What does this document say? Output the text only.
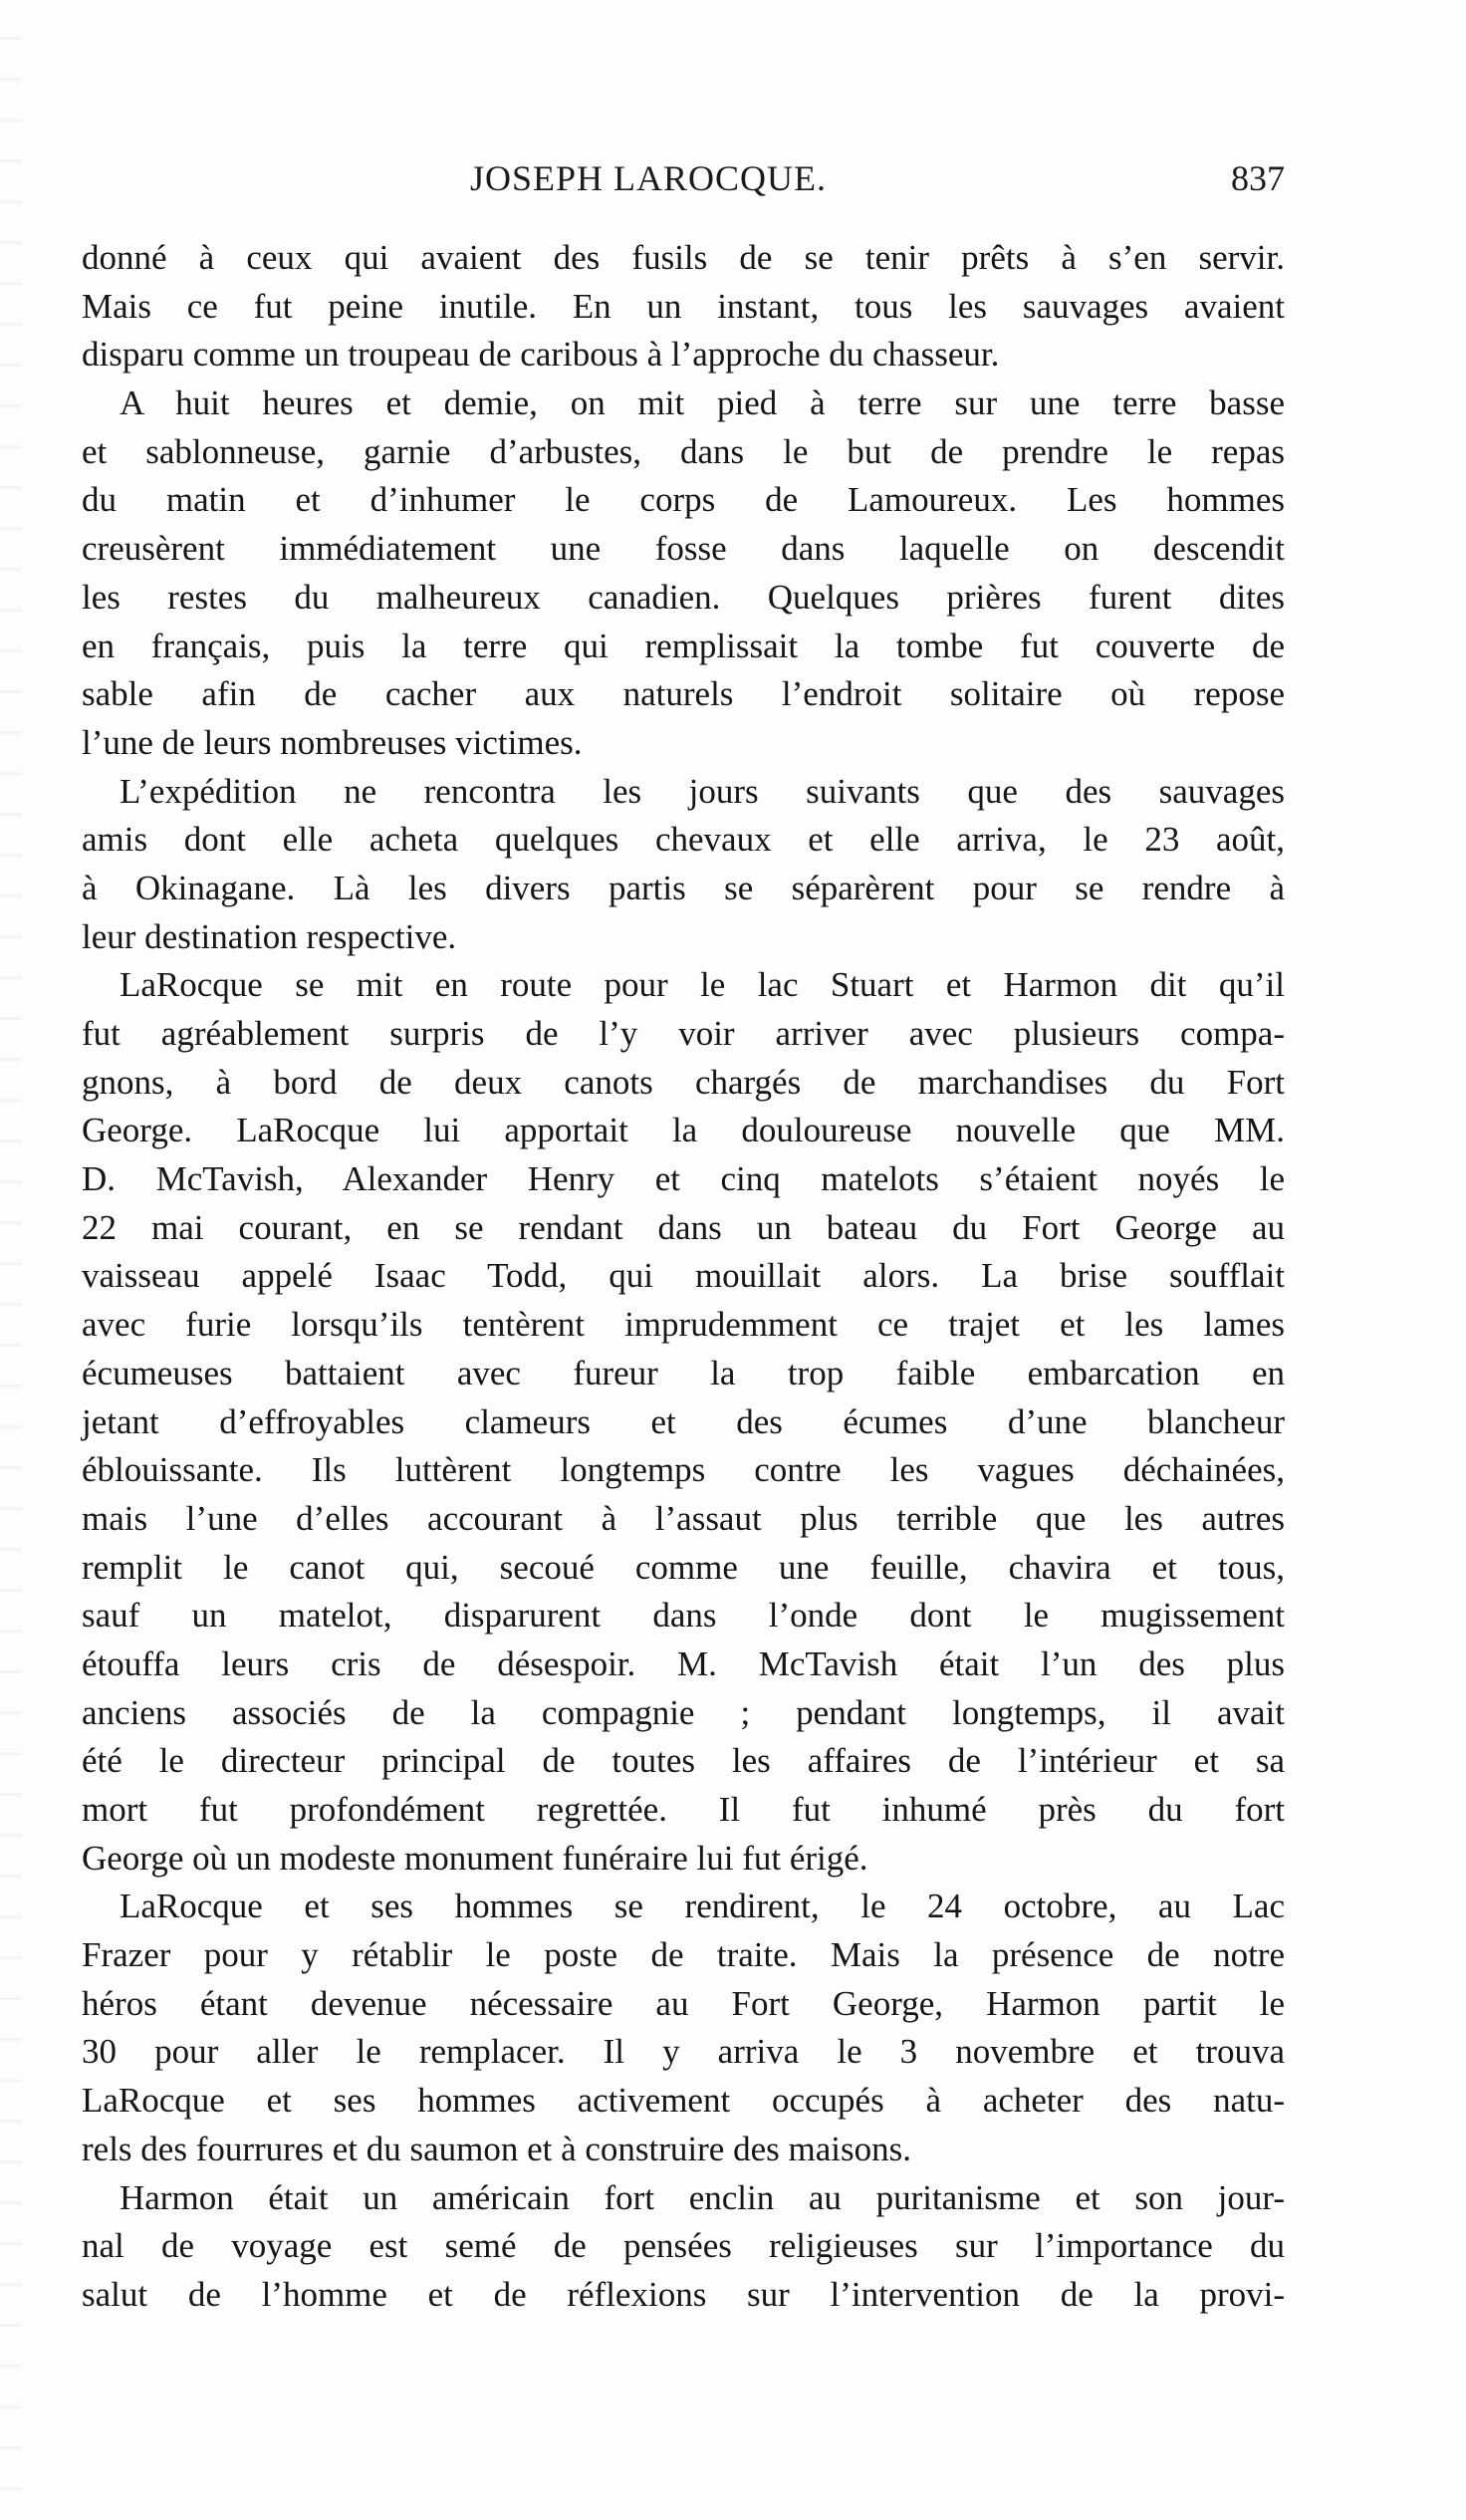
JOSEPH LAROCQUE.	837

donné à ceux qui avaient des fusils de se tenir prêts à s’en servir.
Mais ce fut peine inutile. En un instant, tous les sauvages avaient
disparu comme un troupeau de caribous à l’approche du chasseur.

A huit heures et demie, on mit pied à terre sur une terre basse
et sablonneuse, garnie d’arbustes, dans le but de prendre le repas
du matin et d’inhumer le corps de Lamoureux. Les hommes
creusèrent immédiatement une fosse dans laquelle on descendit
les restes du malheureux canadien. Quelques prières furent dites
en français, puis la terre qui remplissait la tombe fut couverte de
sable afin de cacher aux naturels l’endroit solitaire où repose
l’une de leurs nombreuses victimes.

L’expédition ne rencontra les jours suivants que des sauvages
amis dont elle acheta quelques chevaux et elle arriva, le 23 août,
à Okinagane. Là les divers partis se séparèrent pour se rendre à
leur destination respective.

LaRocque se mit en route pour le lac Stuart et Harmon dit qu’il
fut agréablement surpris de l’y voir arriver avec plusieurs compa-
gnons, à bord de deux canots chargés de marchandises du Fort
George. LaRocque lui apportait la douloureuse nouvelle que MM.
D. McTavish, Alexander Henry et cinq matelots s’étaient noyés le
22 mai courant, en se rendant dans un bateau du Fort George au
vaisseau appelé Isaac Todd, qui mouillait alors. La brise soufflait
avec furie lorsqu’ils tentèrent imprudemment ce trajet et les lames
écumeuses battaient avec fureur la trop faible embarcation en
jetant d’effroyables clameurs et des écumes d’une blancheur
éblouissante. Ils luttèrent longtemps contre les vagues déchainées,
mais l’une d’elles accourant à l’assaut plus terrible que les autres
remplit le canot qui, secoué comme une feuille, chavira et tous,
sauf un matelot, disparurent dans l’onde dont le mugissement
étouffa leurs cris de désespoir. M. McTavish était l’un des plus
anciens associés de la compagnie ; pendant longtemps, il avait
été le directeur principal de toutes les affaires de l’intérieur et sa
mort fut profondément regrettée. Il fut inhumé près du fort
George où un modeste monument funéraire lui fut érigé.

LaRocque et ses hommes se rendirent, le 24 octobre, au Lac
Frazer pour y rétablir le poste de traite. Mais la présence de notre
héros étant devenue nécessaire au Fort George, Harmon partit le
30 pour aller le remplacer. Il y arriva le 3 novembre et trouva
LaRocque et ses hommes activement occupés à acheter des natu-
rels des fourrures et du saumon et à construire des maisons.

Harmon était un américain fort enclin au puritanisme et son jour-
nal de voyage est semé de pensées religieuses sur l’importance du
salut de l’homme et de réflexions sur l’intervention de la provi-
